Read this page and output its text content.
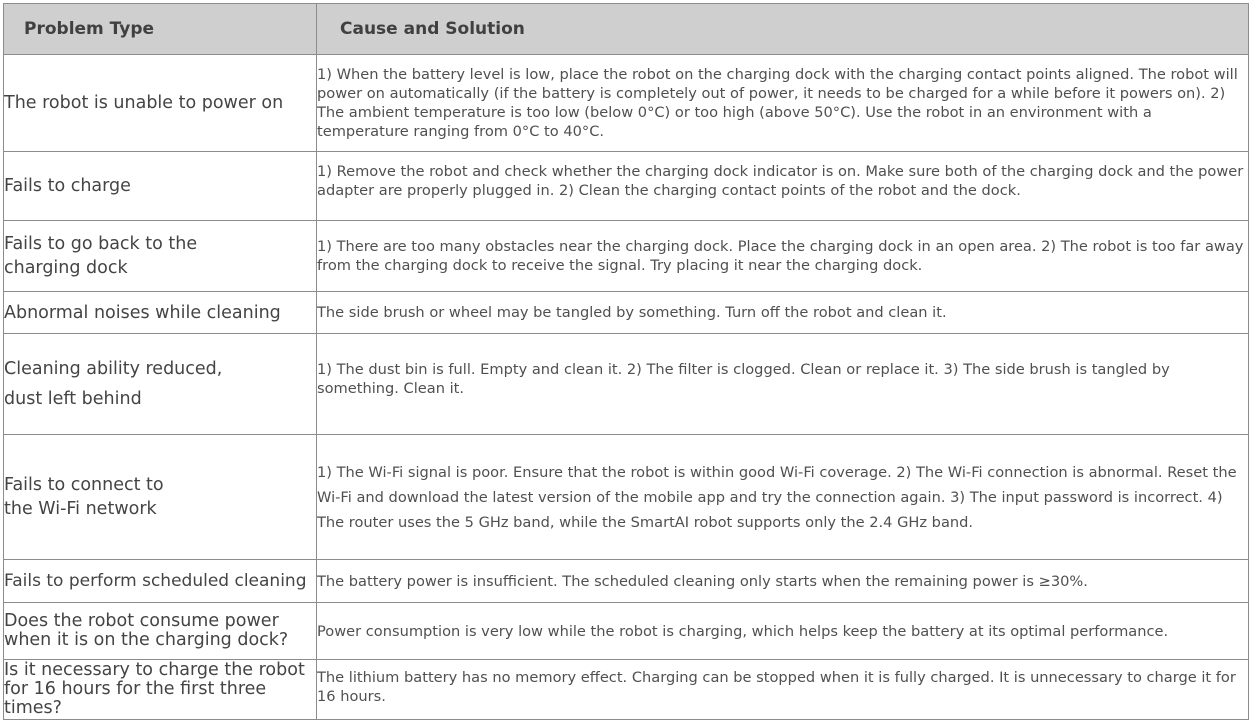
Problem Type	Cause and Solution
The robot is unable to power on	1) When the battery level is low, place the robot on the charging dock with the charging contact points aligned. The robot will power on automatically (if the battery is completely out of power, it needs to be charged for a while before it powers on). 2) The ambient temperature is too low (below 0°C) or too high (above 50°C). Use the robot in an environment with a temperature ranging from 0°C to 40°C.
Fails to charge	1) Remove the robot and check whether the charging dock indicator is on. Make sure both of the charging dock and the power adapter are properly plugged in. 2) Clean the charging contact points of the robot and the dock.
Fails to go back to the charging dock	1) There are too many obstacles near the charging dock. Place the charging dock in an open area. 2) The robot is too far away from the charging dock to receive the signal. Try placing it near the charging dock.
Abnormal noises while cleaning	The side brush or wheel may be tangled by something. Turn off the robot and clean it.
Cleaning ability reduced, dust left behind	1) The dust bin is full. Empty and clean it. 2) The filter is clogged. Clean or replace it. 3) The side brush is tangled by something. Clean it.
Fails to connect to the Wi-Fi network	1) The Wi-Fi signal is poor. Ensure that the robot is within good Wi-Fi coverage. 2) The Wi-Fi connection is abnormal. Reset the Wi-Fi and download the latest version of the mobile app and try the connection again. 3) The input password is incorrect. 4) The router uses the 5 GHz band, while the SmartAI robot supports only the 2.4 GHz band.
Fails to perform scheduled cleaning	The battery power is insufficient. The scheduled cleaning only starts when the remaining power is ≥30%.
Does the robot consume power when it is on the charging dock?	Power consumption is very low while the robot is charging, which helps keep the battery at its optimal performance.
Is it necessary to charge the robot for 16 hours for the first three times?	The lithium battery has no memory effect. Charging can be stopped when it is fully charged. It is unnecessary to charge it for 16 hours.
